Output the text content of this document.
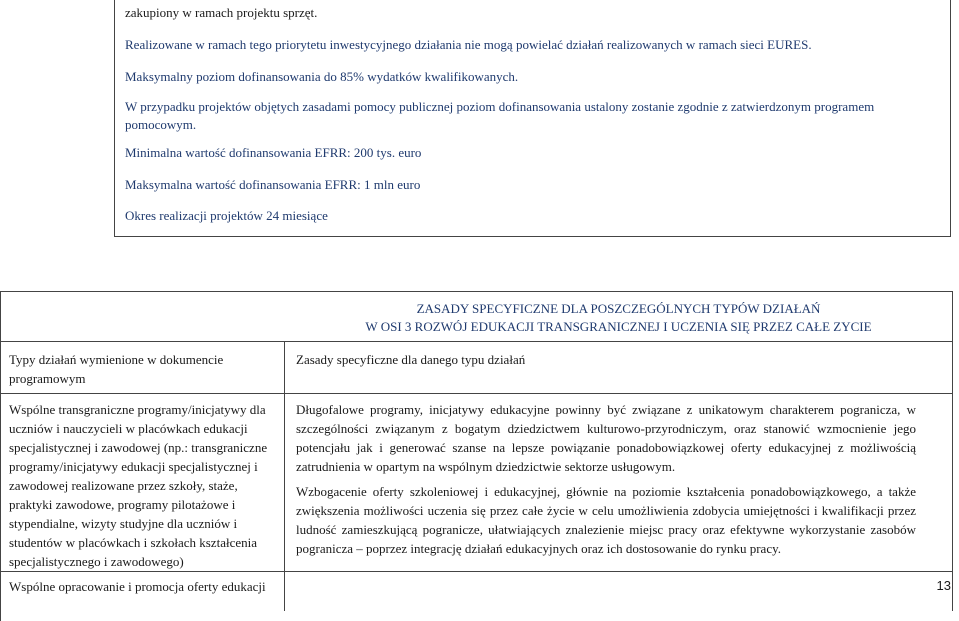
zakupiony w ramach projektu sprzęt.

Realizowane w ramach tego priorytetu inwestycyjnego działania nie mogą powielać działań realizowanych w ramach sieci EURES.

Maksymalny poziom dofinansowania do 85% wydatków kwalifikowanych.

W przypadku projektów objętych zasadami pomocy publicznej poziom dofinansowania ustalony zostanie zgodnie z zatwierdzonym programem pomocowym.

Minimalna wartość dofinansowania EFRR: 200 tys. euro

Maksymalna wartość dofinansowania EFRR: 1 mln euro

Okres realizacji projektów 24 miesiące

ZASADY SPECYFICZNE DLA POSZCZEGÓLNYCH TYPÓW DZIAŁAŃ
W OSI 3 ROZWÓJ EDUKACJI TRANSGRANICZNEJ I UCZENIA SIĘ PRZEZ CAŁE ZYCIE

Typy działań wymienione w dokumencie programowym

Zasady specyficzne dla danego typu działań

Wspólne transgraniczne programy/inicjatywy dla uczniów i nauczycieli w placówkach edukacji specjalistycznej i zawodowej (np.: transgraniczne programy/inicjatywy edukacji specjalistycznej i zawodowej realizowane przez szkoły, staże, praktyki zawodowe, programy pilotażowe i stypendialne, wizyty studyjne dla uczniów i studentów w placówkach i szkołach kształcenia specjalistycznego i zawodowego)

Długofalowe programy, inicjatywy edukacyjne powinny być związane z unikatowym charakterem pogranicza, w szczególności związanym z bogatym dziedzictwem kulturowo-przyrodniczym, oraz stanowić wzmocnienie jego potencjału jak i generować szanse na lepsze powiązanie ponadobowiązkowej oferty edukacyjnej z możliwością zatrudnienia w opartym na wspólnym dziedzictwie sektorze usługowym.

Wzbogacenie oferty szkoleniowej i edukacyjnej, głównie na poziomie kształcenia ponadobowiązkowego, a także zwiększenia możliwości uczenia się przez całe życie w celu umożliwienia zdobycia umiejętności i kwalifikacji przez ludność zamieszkującą pogranicze, ułatwiających znalezienie miejsc pracy oraz efektywne wykorzystanie zasobów pogranicza – poprzez integrację działań edukacyjnych oraz ich dostosowanie do rynku pracy.

Wspólne opracowanie i promocja oferty edukacji	13
